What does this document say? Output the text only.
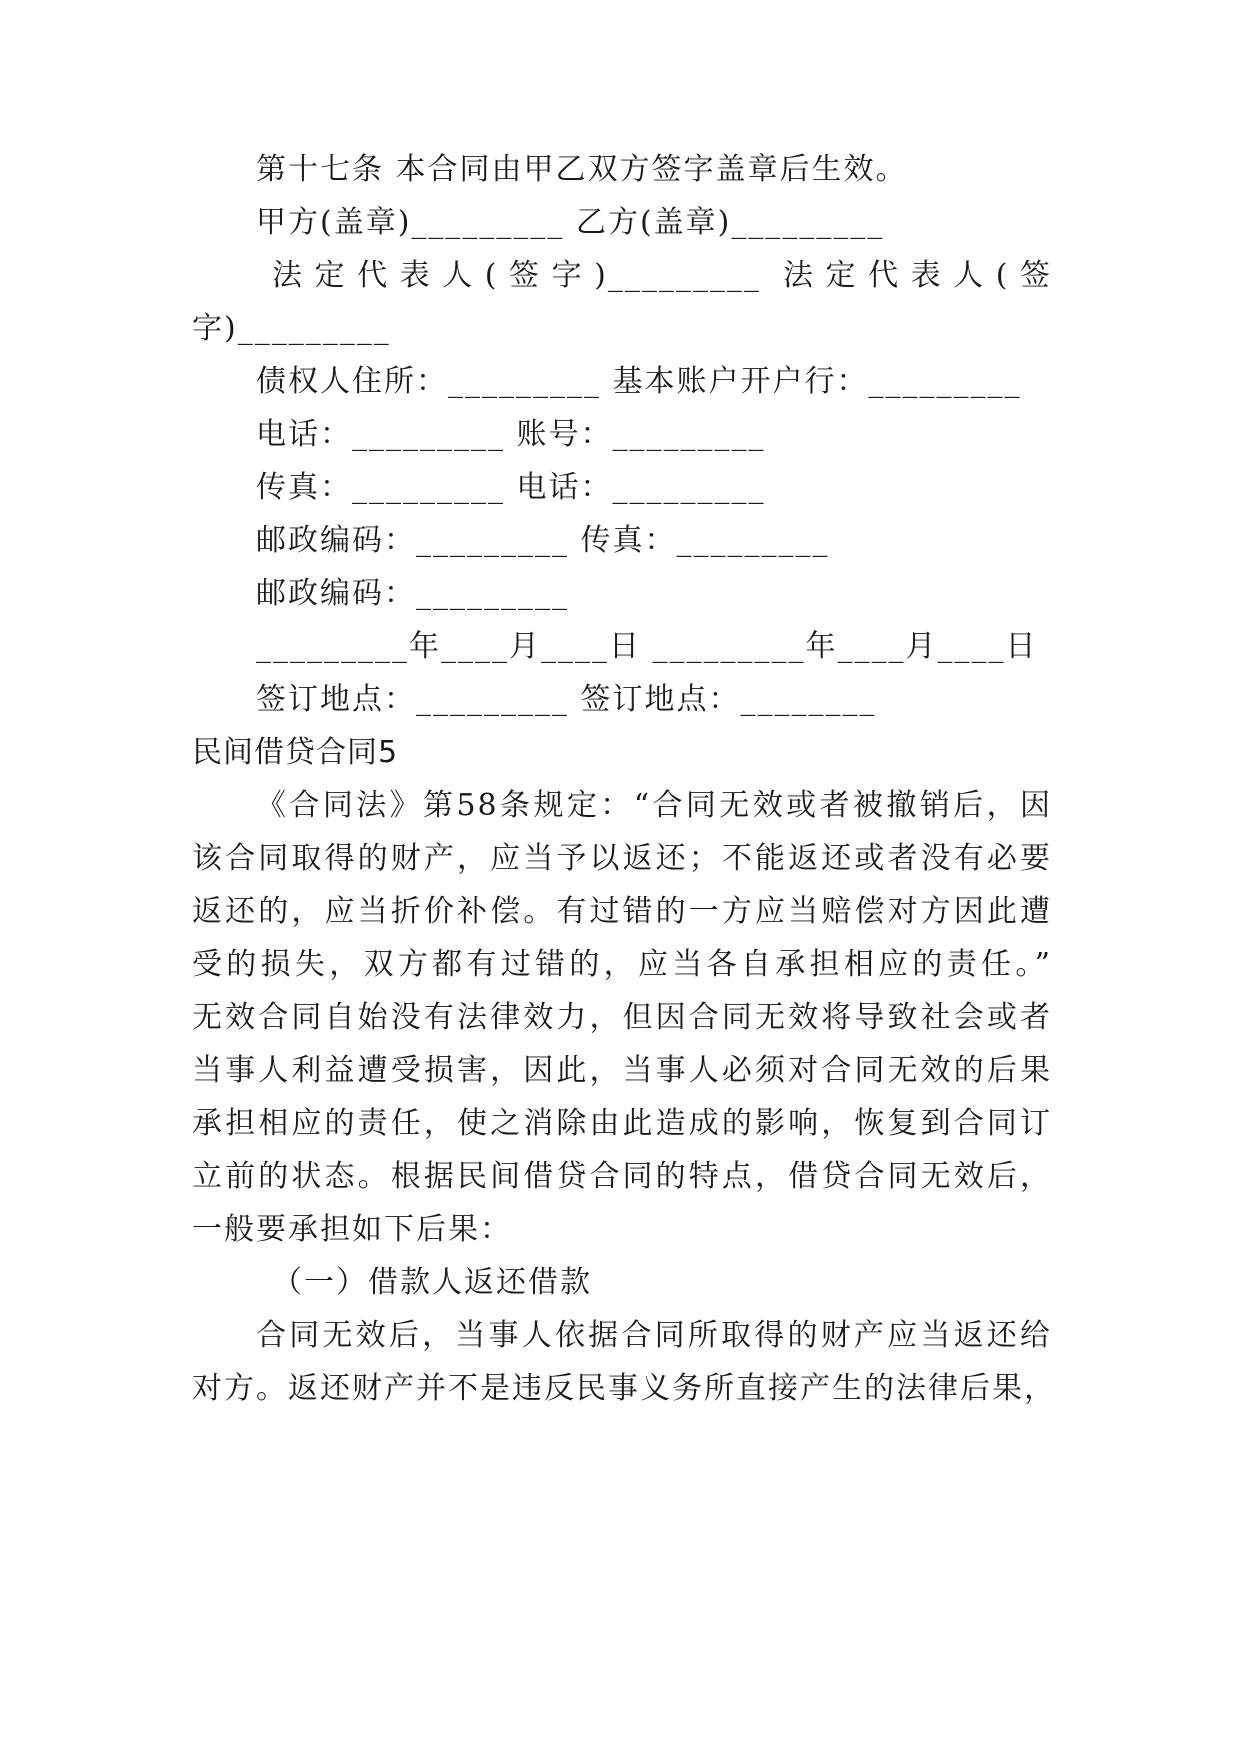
第十七条 本合同由甲乙双方签字盖章后生效。
甲方(盖章)_________ 乙方(盖章)_________
法定代表人(签字)_________ 法定代表人(签
字)_________
债权人住所：_________ 基本账户开户行：_________
电话：_________ 账号：_________
传真：_________ 电话：_________
邮政编码：_________ 传真：_________
邮政编码：_________
_________年____月____日 _________年____月____日
签订地点：_________ 签订地点：________
民间借贷合同5
《合同法》第58条规定：“合同无效或者被撤销后，因
该合同取得的财产，应当予以返还；不能返还或者没有必要
返还的，应当折价补偿。有过错的一方应当赔偿对方因此遭
受的损失，双方都有过错的，应当各自承担相应的责任。”
无效合同自始没有法律效力，但因合同无效将导致社会或者
当事人利益遭受损害，因此，当事人必须对合同无效的后果
承担相应的责任，使之消除由此造成的影响，恢复到合同订
立前的状态。根据民间借贷合同的特点，借贷合同无效后，
一般要承担如下后果：
（一）借款人返还借款
合同无效后，当事人依据合同所取得的财产应当返还给
对方。返还财产并不是违反民事义务所直接产生的法律后果，
